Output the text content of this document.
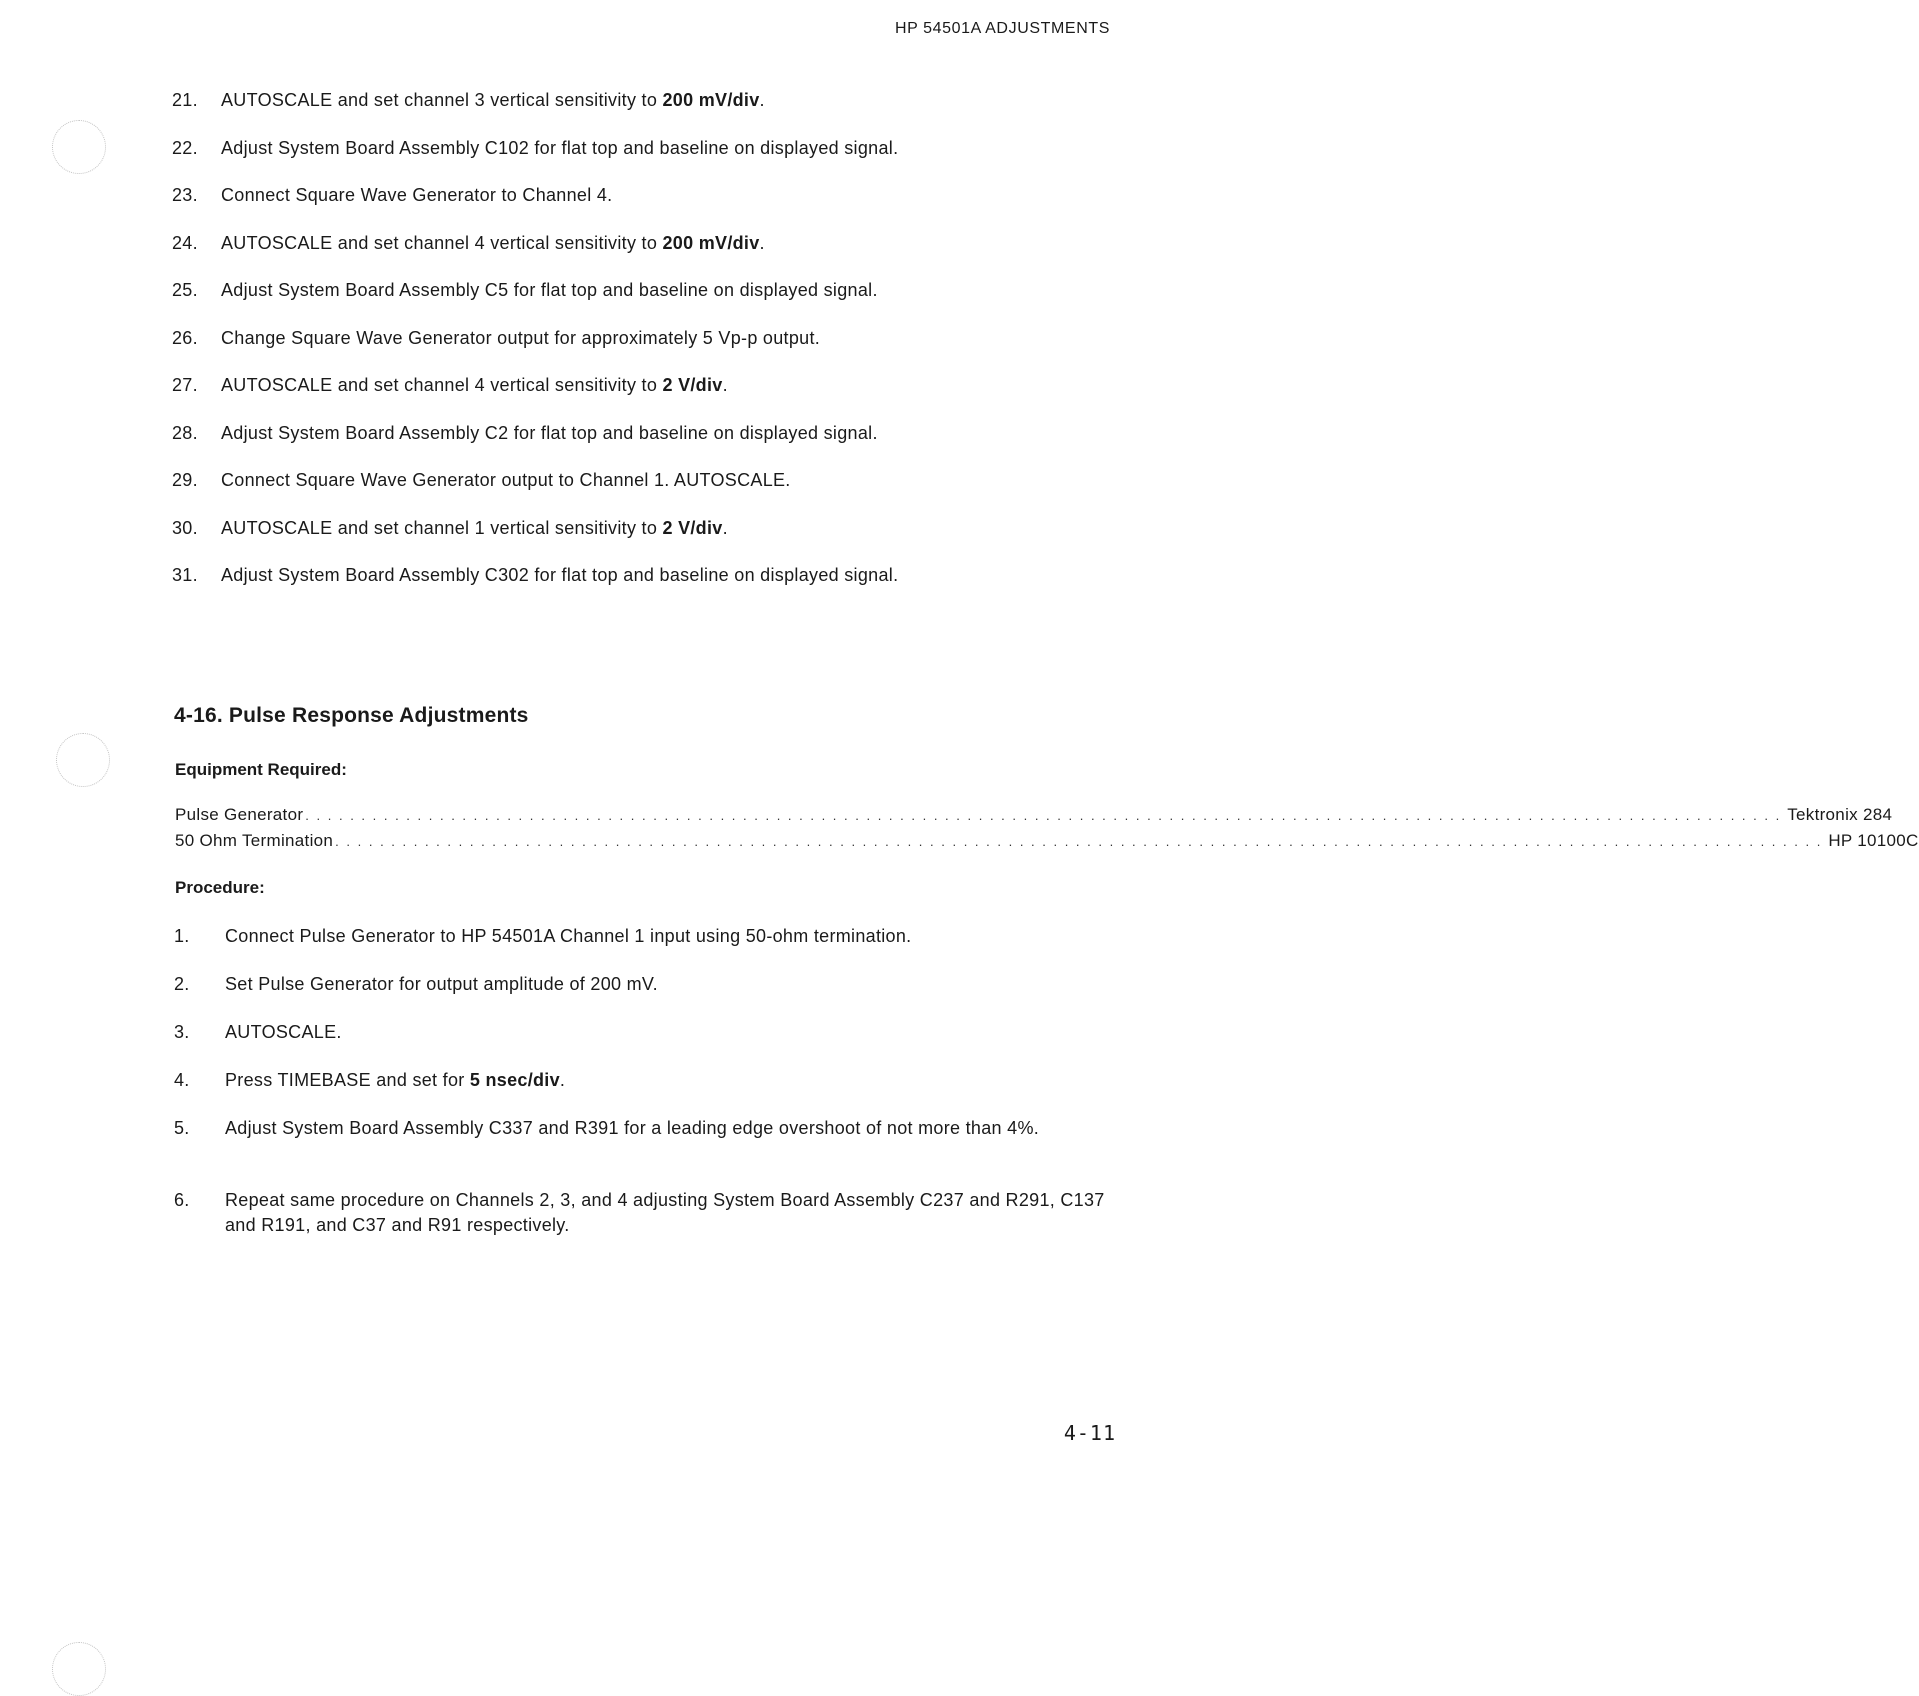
HP 54501A ADJUSTMENTS
21.	AUTOSCALE and set channel 3 vertical sensitivity to 200 mV/div.
22.	Adjust System Board Assembly C102 for flat top and baseline on displayed signal.
23.	Connect Square Wave Generator to Channel 4.
24.	AUTOSCALE and set channel 4 vertical sensitivity to 200 mV/div.
25.	Adjust System Board Assembly C5 for flat top and baseline on displayed signal.
26.	Change Square Wave Generator output for approximately 5 Vp-p output.
27.	AUTOSCALE and set channel 4 vertical sensitivity to 2 V/div.
28.	Adjust System Board Assembly C2 for flat top and baseline on displayed signal.
29.	Connect Square Wave Generator output to Channel 1. AUTOSCALE.
30.	AUTOSCALE and set channel 1 vertical sensitivity to 2 V/div.
31.	Adjust System Board Assembly C302 for flat top and baseline on displayed signal.
4-16. Pulse Response Adjustments
Equipment Required:
Pulse Generator . . . . . . . . . . . . . . . . . . . . . . . . . . . . . . . . . . . . . . . . . . . . . . . . . . . . . . . . . . . . . . . . . . . . . . . . . . . . . . . . . . . . . . . . . . . . . . . . . . . . . . . . . . . . . . . . . . . . . . . . . . . . . . . . . . . . Tektronix 284
50 Ohm Termination . . . . . . . . . . . . . . . . . . . . . . . . . . . . . . . . . . . . . . . . . . . . . . . . . . . . . . . . . . . . . . . . . . . . . . . . . . . . . . . . . . . . . . . . . . . . . . . . . . . . . . . . . . . . . . . . . . . . . . . . . . . . . . . . . . . . . HP 10100C
Procedure:
1.	Connect Pulse Generator to HP 54501A Channel 1 input using 50-ohm termination.
2.	Set Pulse Generator for output amplitude of 200 mV.
3.	AUTOSCALE.
4.	Press TIMEBASE and set for 5 nsec/div.
5.	Adjust System Board Assembly C337 and R391 for a leading edge overshoot of not more than 4%.
6.	Repeat same procedure on Channels 2, 3, and 4 adjusting System Board Assembly C237 and R291, C137 and R191, and C37 and R91 respectively.
4-11
